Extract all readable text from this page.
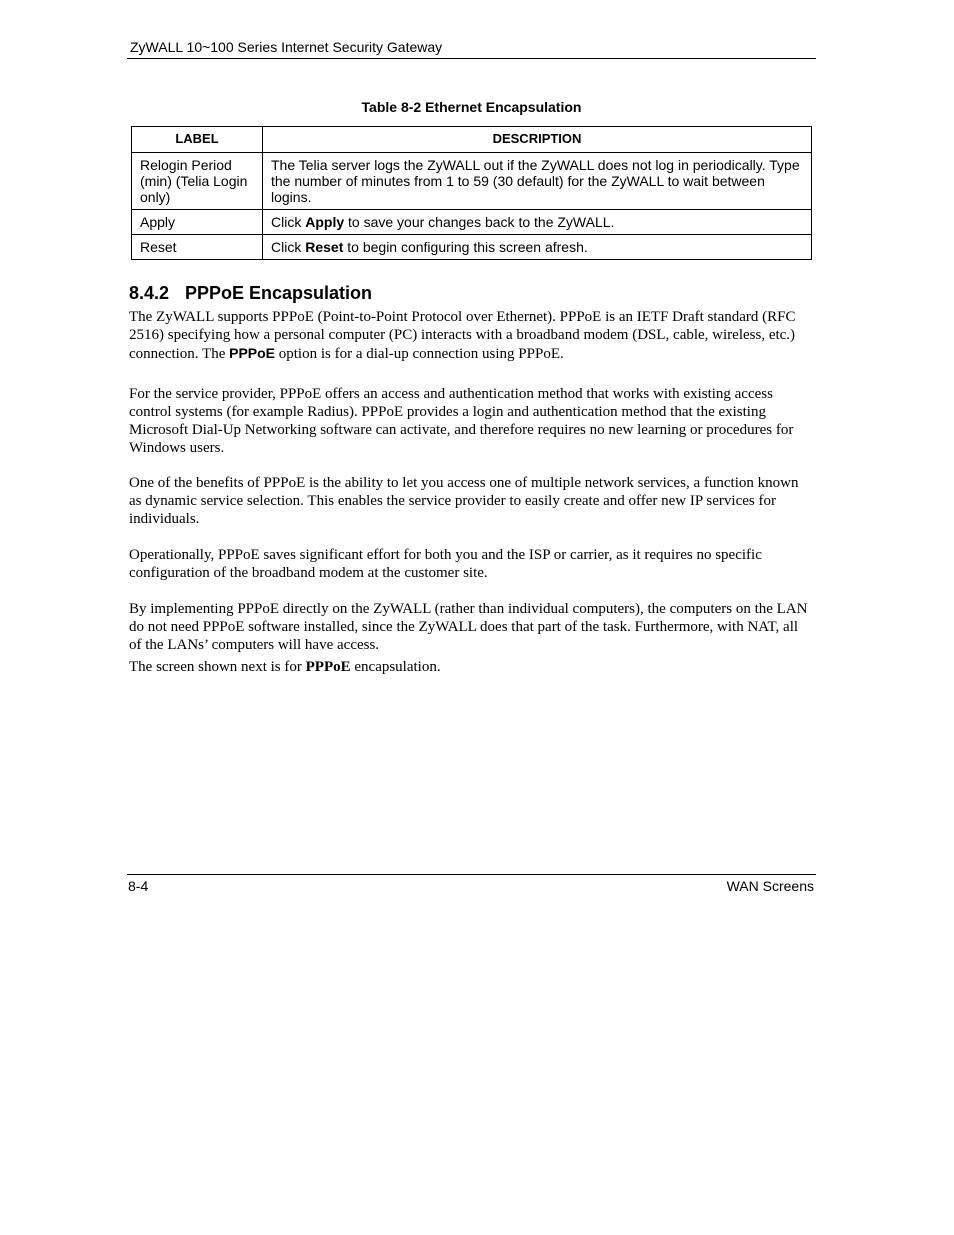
ZyWALL 10~100 Series Internet Security Gateway
Table 8-2 Ethernet Encapsulation
LABEL	DESCRIPTION
Relogin Period (min) (Telia Login only)	The Telia server logs the ZyWALL out if the ZyWALL does not log in periodically. Type the number of minutes from 1 to 59 (30 default) for the ZyWALL to wait between logins.
Apply	Click Apply to save your changes back to the ZyWALL.
Reset	Click Reset to begin configuring this screen afresh.
8.4.2 PPPoE Encapsulation

The ZyWALL supports PPPoE (Point-to-Point Protocol over Ethernet). PPPoE is an IETF Draft standard (RFC 2516) specifying how a personal computer (PC) interacts with a broadband modem (DSL, cable, wireless, etc.) connection. The PPPoE option is for a dial-up connection using PPPoE.

For the service provider, PPPoE offers an access and authentication method that works with existing access control systems (for example Radius). PPPoE provides a login and authentication method that the existing Microsoft Dial-Up Networking software can activate, and therefore requires no new learning or procedures for Windows users.

One of the benefits of PPPoE is the ability to let you access one of multiple network services, a function known as dynamic service selection. This enables the service provider to easily create and offer new IP services for individuals.

Operationally, PPPoE saves significant effort for both you and the ISP or carrier, as it requires no specific configuration of the broadband modem at the customer site.

By implementing PPPoE directly on the ZyWALL (rather than individual computers), the computers on the LAN do not need PPPoE software installed, since the ZyWALL does that part of the task. Furthermore, with NAT, all of the LANs’ computers will have access.

The screen shown next is for PPPoE encapsulation.

8-4	WAN Screens
